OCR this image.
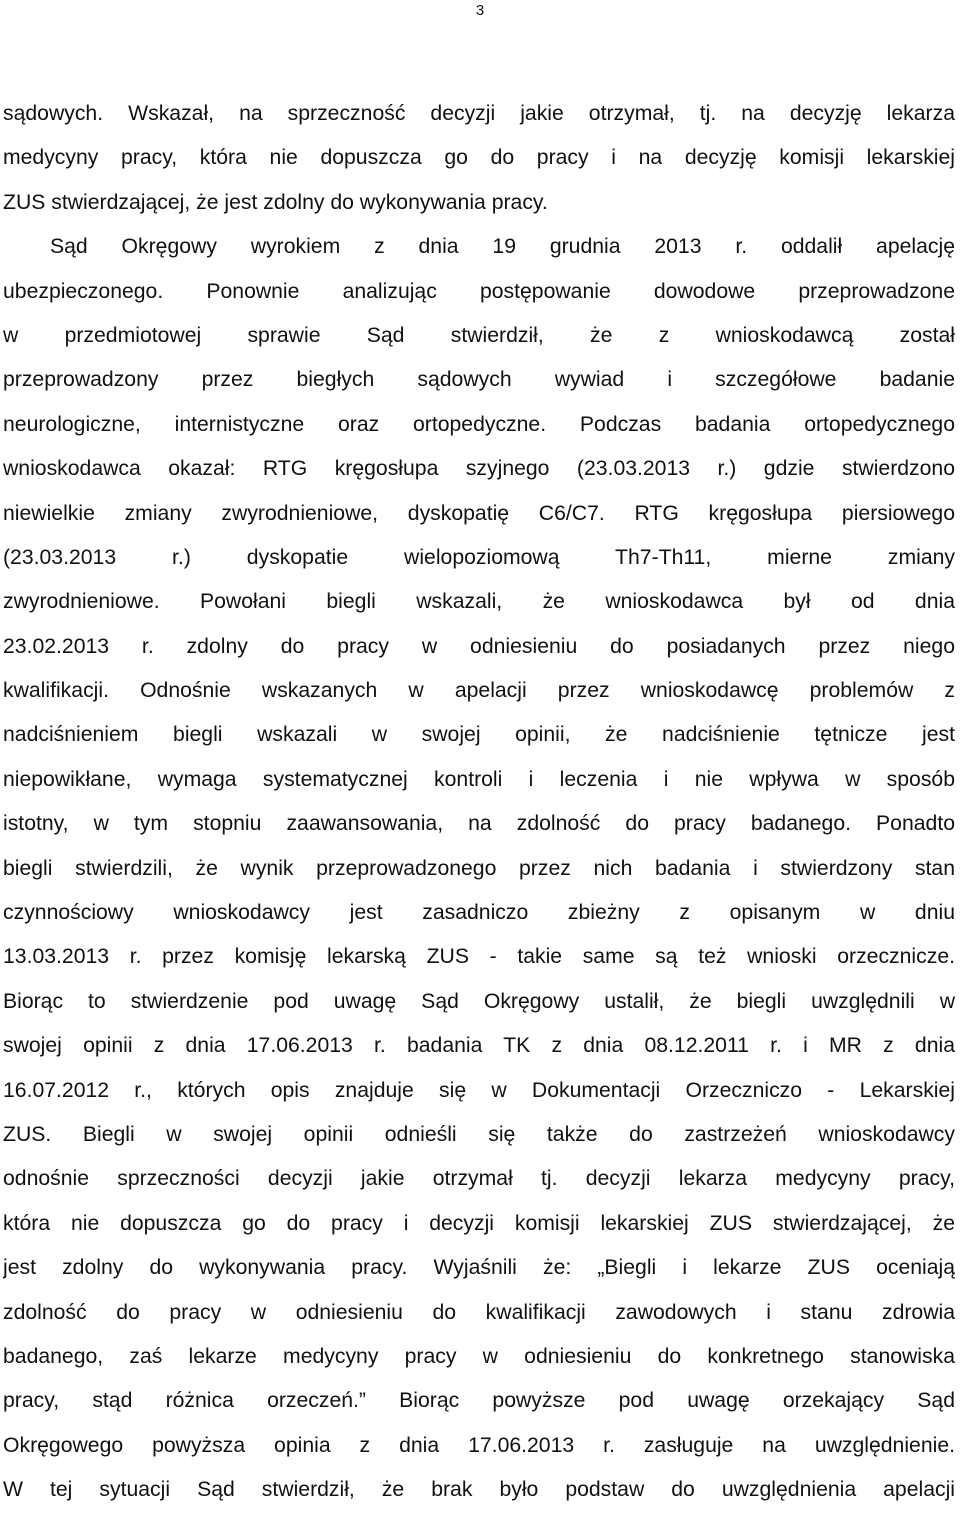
3
sądowych. Wskazał, na sprzeczność decyzji jakie otrzymał, tj. na decyzję lekarza
medycyny pracy, która nie dopuszcza go do pracy i na decyzję komisji lekarskiej
ZUS stwierdzającej, że jest zdolny do wykonywania pracy.
Sąd Okręgowy wyrokiem z dnia 19 grudnia 2013 r. oddalił apelację
ubezpieczonego. Ponownie analizując postępowanie dowodowe przeprowadzone
w przedmiotowej sprawie Sąd stwierdził, że z wnioskodawcą został
przeprowadzony przez biegłych sądowych wywiad i szczegółowe badanie
neurologiczne, internistyczne oraz ortopedyczne. Podczas badania ortopedycznego
wnioskodawca okazał: RTG kręgosłupa szyjnego (23.03.2013 r.) gdzie stwierdzono
niewielkie zmiany zwyrodnieniowe, dyskopatię C6/C7. RTG kręgosłupa piersiowego
(23.03.2013 r.) dyskopatie wielopoziomową Th7-Th11, mierne zmiany
zwyrodnieniowe. Powołani biegli wskazali, że wnioskodawca był od dnia
23.02.2013 r. zdolny do pracy w odniesieniu do posiadanych przez niego
kwalifikacji. Odnośnie wskazanych w apelacji przez wnioskodawcę problemów z
nadciśnieniem biegli wskazali w swojej opinii, że nadciśnienie tętnicze jest
niepowikłane, wymaga systematycznej kontroli i leczenia i nie wpływa w sposób
istotny, w tym stopniu zaawansowania, na zdolność do pracy badanego. Ponadto
biegli stwierdzili, że wynik przeprowadzonego przez nich badania i stwierdzony stan
czynnościowy wnioskodawcy jest zasadniczo zbieżny z opisanym w dniu
13.03.2013 r. przez komisję lekarską ZUS - takie same są też wnioski orzecznicze.
Biorąc to stwierdzenie pod uwagę Sąd Okręgowy ustalił, że biegli uwzględnili w
swojej opinii z dnia 17.06.2013 r. badania TK z dnia 08.12.2011 r. i MR z dnia
16.07.2012 r., których opis znajduje się w Dokumentacji Orzeczniczo - Lekarskiej
ZUS. Biegli w swojej opinii odnieśli się także do zastrzeżeń wnioskodawcy
odnośnie sprzeczności decyzji jakie otrzymał tj. decyzji lekarza medycyny pracy,
która nie dopuszcza go do pracy i decyzji komisji lekarskiej ZUS stwierdzającej, że
jest zdolny do wykonywania pracy. Wyjaśnili że: „Biegli i lekarze ZUS oceniają
zdolność do pracy w odniesieniu do kwalifikacji zawodowych i stanu zdrowia
badanego, zaś lekarze medycyny pracy w odniesieniu do konkretnego stanowiska
pracy, stąd różnica orzeczeń.” Biorąc powyższe pod uwagę orzekający Sąd
Okręgowego powyższa opinia z dnia 17.06.2013 r. zasługuje na uwzględnienie.
W tej sytuacji Sąd stwierdził, że brak było podstaw do uwzględnienia apelacji
